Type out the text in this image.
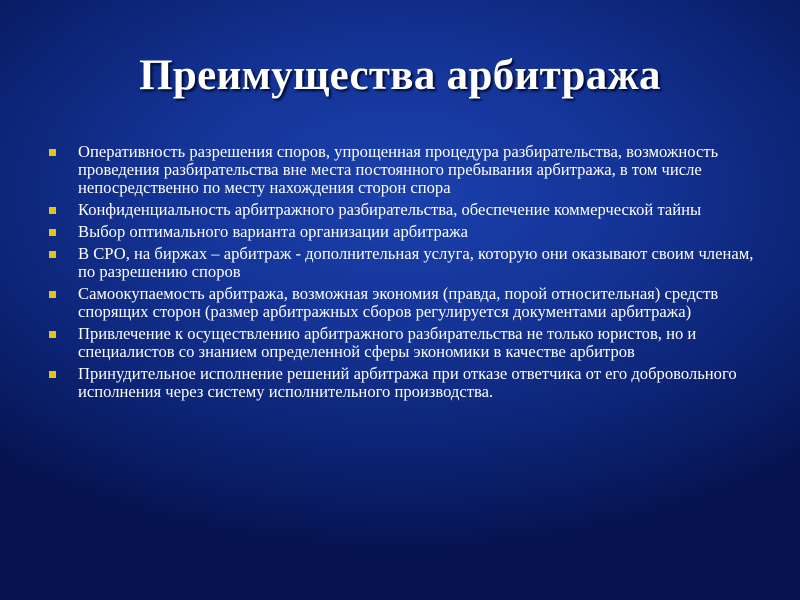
Преимущества арбитража
Оперативность разрешения споров, упрощенная процедура разбирательства, возможность проведения разбирательства вне места постоянного пребывания арбитража, в том числе непосредственно по месту нахождения сторон спора
Конфиденциальность арбитражного разбирательства, обеспечение коммерческой тайны
Выбор оптимального варианта организации арбитража
В СРО, на биржах – арбитраж - дополнительная услуга, которую они оказывают своим членам, по разрешению споров
Самоокупаемость арбитража, возможная экономия (правда, порой относительная) средств спорящих сторон (размер арбитражных сборов регулируется документами арбитража)
Привлечение к осуществлению арбитражного разбирательства не только юристов, но и специалистов со знанием определенной сферы экономики в качестве арбитров
Принудительное исполнение решений арбитража при отказе ответчика от его добровольного исполнения через систему исполнительного производства.
